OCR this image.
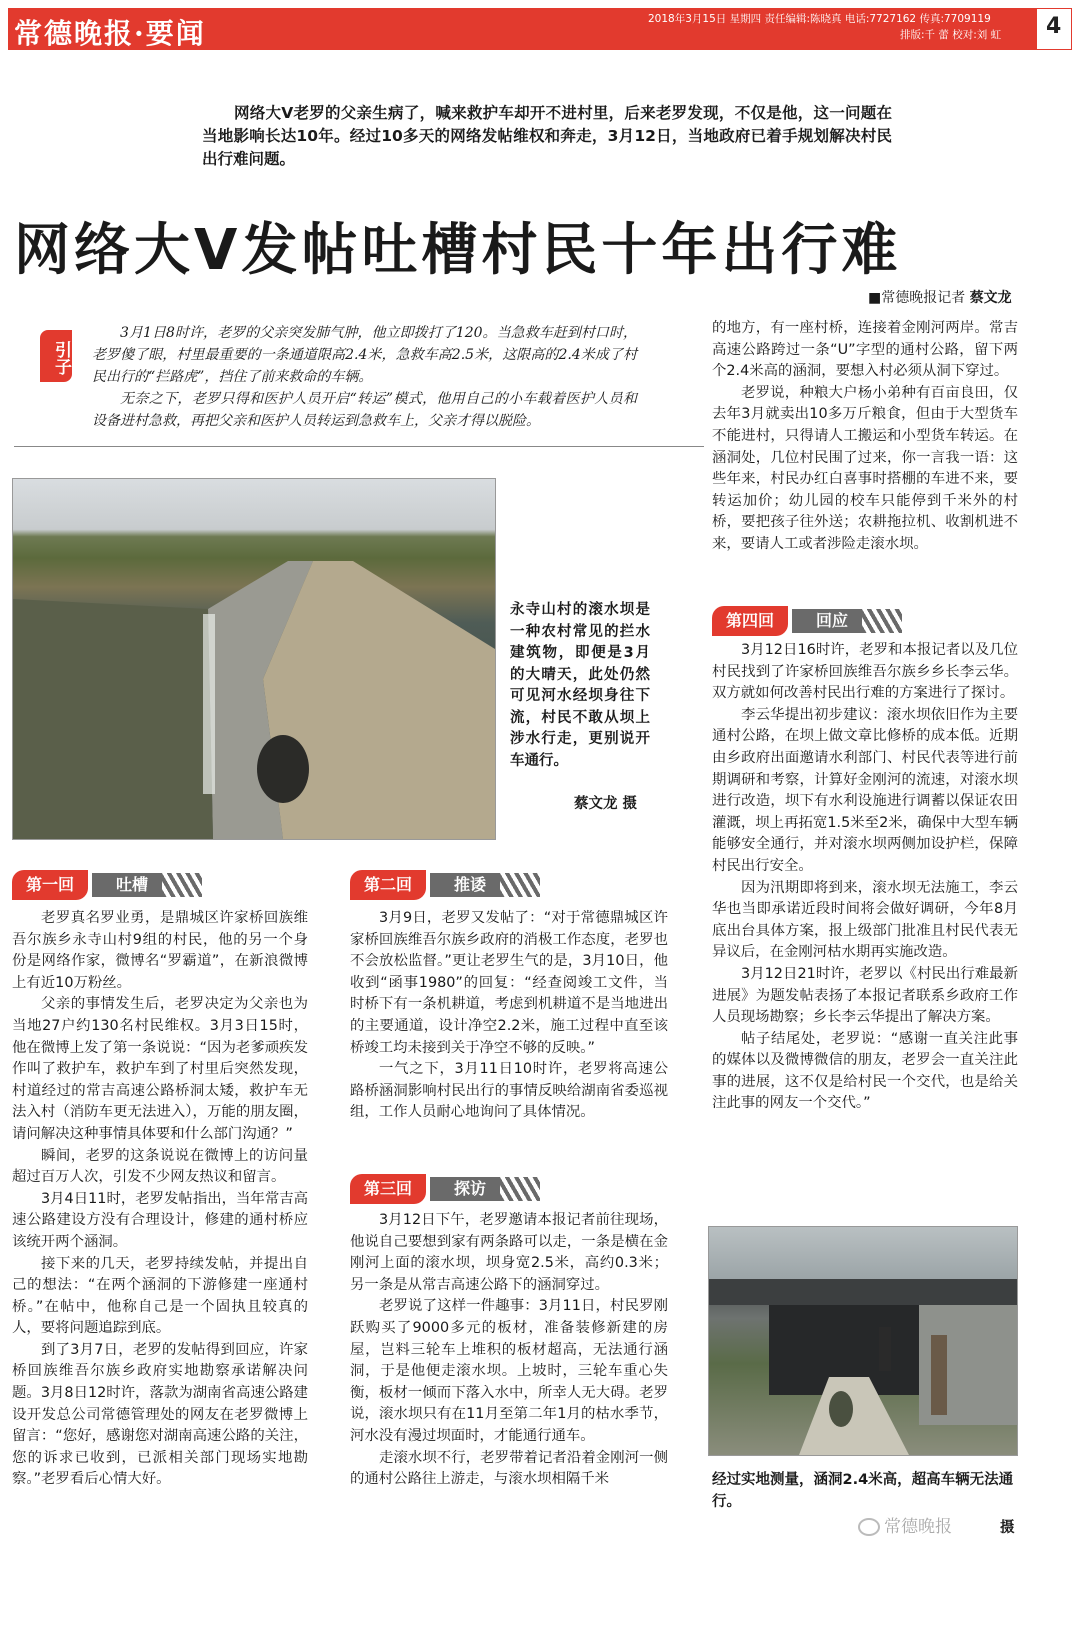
常德晚报·要闻	2018年3月15日 星期四 责任编辑:陈晓真 电话:7727162 传真:7709119
排版:千 蕾 校对:刘 虹 4
网络大Ⅴ老罗的父亲生病了，喊来救护车却开不进村里，后来老罗发现，不仅是他，这一问题在当地影响长达10年。经过10多天的网络发帖维权和奔走，3月12日，当地政府已着手规划解决村民出行难问题。
网络大Ⅴ发帖吐槽村民十年出行难
■常德晚报记者 蔡文龙
引子

3月1日8时许，老罗的父亲突发肺气肿，他立即拨打了120。当急救车赶到村口时，老罗傻了眼，村里最重要的一条通道限高2.4米，急救车高2.5米，这限高的2.4米成了村民出行的“拦路虎”，挡住了前来救命的车辆。

无奈之下，老罗只得和医护人员开启“转运”模式，他用自己的小车载着医护人员和设备进村急救，再把父亲和医护人员转运到急救车上，父亲才得以脱险。

永寺山村的滚水坝是一种农村常见的拦水建筑物，即便是3月的大晴天，此处仍然可见河水经坝身往下流，村民不敢从坝上涉水行走，更别说开车通行。
蔡文龙 摄
第一回	吐槽

老罗真名罗业勇，是鼎城区许家桥回族维吾尔族乡永寺山村9组的村民，他的另一个身份是网络作家，微博名“罗霸道”，在新浪微博上有近10万粉丝。

父亲的事情发生后，老罗决定为父亲也为当地27户约130名村民维权。3月3日15时，他在微博上发了第一条说说：“因为老爹顽疾发作叫了救护车，救护车到了村里后突然发现，村道经过的常吉高速公路桥洞太矮，救护车无法入村（消防车更无法进入），万能的朋友圈，请问解决这种事情具体要和什么部门沟通？”

瞬间，老罗的这条说说在微博上的访问量超过百万人次，引发不少网友热议和留言。

3月4日11时，老罗发帖指出，当年常吉高速公路建设方没有合理设计，修建的通村桥应该统开两个涵洞。

接下来的几天，老罗持续发帖，并提出自己的想法：“在两个涵洞的下游修建一座通村桥。”在帖中，他称自己是一个固执且较真的人，要将问题追踪到底。

到了3月7日，老罗的发帖得到回应，许家桥回族维吾尔族乡政府实地勘察承诺解决问题。3月8日12时许，落款为湖南省高速公路建设开发总公司常德管理处的网友在老罗微博上留言：“您好，感谢您对湖南高速公路的关注，您的诉求已收到，已派相关部门现场实地勘察。”老罗看后心情大好。

第二回	推诿

3月9日，老罗又发帖了：“对于常德鼎城区许家桥回族维吾尔族乡政府的消极工作态度，老罗也不会放松监督。”更让老罗生气的是，3月10日，他收到“函事1980”的回复：“经查阅竣工文件，当时桥下有一条机耕道，考虑到机耕道不是当地进出的主要通道，设计净空2.2米，施工过程中直至该桥竣工均未接到关于净空不够的反映。”

一气之下，3月11日10时许，老罗将高速公路桥涵洞影响村民出行的事情反映给湖南省委巡视组，工作人员耐心地询问了具体情况。

第三回	探访

3月12日下午，老罗邀请本报记者前往现场，他说自己要想到家有两条路可以走，一条是横在金刚河上面的滚水坝，坝身宽2.5米，高约0.3米；另一条是从常吉高速公路下的涵洞穿过。

老罗说了这样一件趣事：3月11日，村民罗刚跃购买了9000多元的板材，准备装修新建的房屋，岂料三轮车上堆积的板材超高，无法通行涵洞，于是他便走滚水坝。上坡时，三轮车重心失衡，板材一倾而下落入水中，所幸人无大碍。老罗说，滚水坝只有在11月至第二年1月的枯水季节，河水没有漫过坝面时，才能通行通车。

走滚水坝不行，老罗带着记者沿着金刚河一侧的通村公路往上游走，与滚水坝相隔千米

的地方，有一座村桥，连接着金刚河两岸。常吉高速公路跨过一条“U”字型的通村公路，留下两个2.4米高的涵洞，要想入村必须从洞下穿过。

老罗说，种粮大户杨小弟种有百亩良田，仅去年3月就卖出10多万斤粮食，但由于大型货车不能进村，只得请人工搬运和小型货车转运。在涵洞处，几位村民围了过来，你一言我一语：这些年来，村民办红白喜事时搭棚的车进不来，要转运加价；幼儿园的校车只能停到千米外的村桥，要把孩子往外送；农耕拖拉机、收割机进不来，要请人工或者涉险走滚水坝。

第四回	回应

3月12日16时许，老罗和本报记者以及几位村民找到了许家桥回族维吾尔族乡乡长李云华。双方就如何改善村民出行难的方案进行了探讨。

李云华提出初步建议：滚水坝依旧作为主要通村公路，在坝上做文章比修桥的成本低。近期由乡政府出面邀请水利部门、村民代表等进行前期调研和考察，计算好金刚河的流速，对滚水坝进行改造，坝下有水利设施进行调蓄以保证农田灌溉，坝上再拓宽1.5米至2米，确保中大型车辆能够安全通行，并对滚水坝两侧加设护栏，保障村民出行安全。

因为汛期即将到来，滚水坝无法施工，李云华也当即承诺近段时间将会做好调研，今年8月底出台具体方案，报上级部门批准且村民代表无异议后，在金刚河枯水期再实施改造。

3月12日21时许，老罗以《村民出行难最新进展》为题发帖表扬了本报记者联系乡政府工作人员现场勘察；乡长李云华提出了解决方案。

帖子结尾处，老罗说：“感谢一直关注此事的媒体以及微博微信的朋友，老罗会一直关注此事的进展，这不仅是给村民一个交代，也是给关注此事的网友一个交代。”

经过实地测量，涵洞2.4米高，超高车辆无法通行。
常德晚报	摄
